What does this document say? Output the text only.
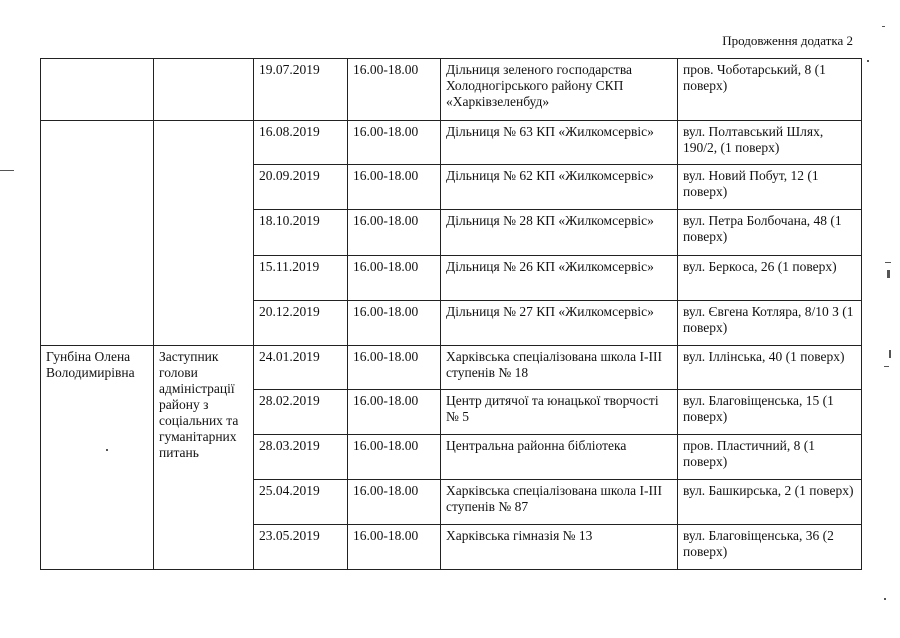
Продовження додатка 2
		19.07.2019	16.00-18.00	Дільниця зеленого господарства Холодногірського району СКП «Харківзеленбуд»	пров. Чоботарський, 8 (1 поверх)
		16.08.2019	16.00-18.00	Дільниця № 63 КП «Жилкомсервіс»	вул. Полтавський Шлях, 190/2, (1 поверх)
		20.09.2019	16.00-18.00	Дільниця № 62 КП «Жилкомсервіс»	вул. Новий Побут, 12 (1 поверх)
		18.10.2019	16.00-18.00	Дільниця № 28 КП «Жилкомсервіс»	вул. Петра Болбочана, 48 (1 поверх)
		15.11.2019	16.00-18.00	Дільниця № 26 КП «Жилкомсервіс»	вул. Беркоса, 26 (1 поверх)
		20.12.2019	16.00-18.00	Дільниця № 27 КП «Жилкомсервіс»	вул. Євгена Котляра, 8/10 З (1 поверх)
Гунбіна Олена Володимирівна	Заступник голови адміністрації району з соціальних та гуманітарних питань	24.01.2019	16.00-18.00	Харківська спеціалізована школа І-ІІІ ступенів № 18	вул. Іллінська, 40 (1 поверх)
		28.02.2019	16.00-18.00	Центр дитячої та юнацької творчості № 5	вул. Благовіщенська, 15 (1 поверх)
		28.03.2019	16.00-18.00	Центральна районна бібліотека	пров. Пластичний, 8 (1 поверх)
		25.04.2019	16.00-18.00	Харківська спеціалізована школа І-ІІІ ступенів № 87	вул. Башкирська, 2 (1 поверх)
		23.05.2019	16.00-18.00	Харківська гімназія № 13	вул. Благовіщенська, 36 (2 поверх)
